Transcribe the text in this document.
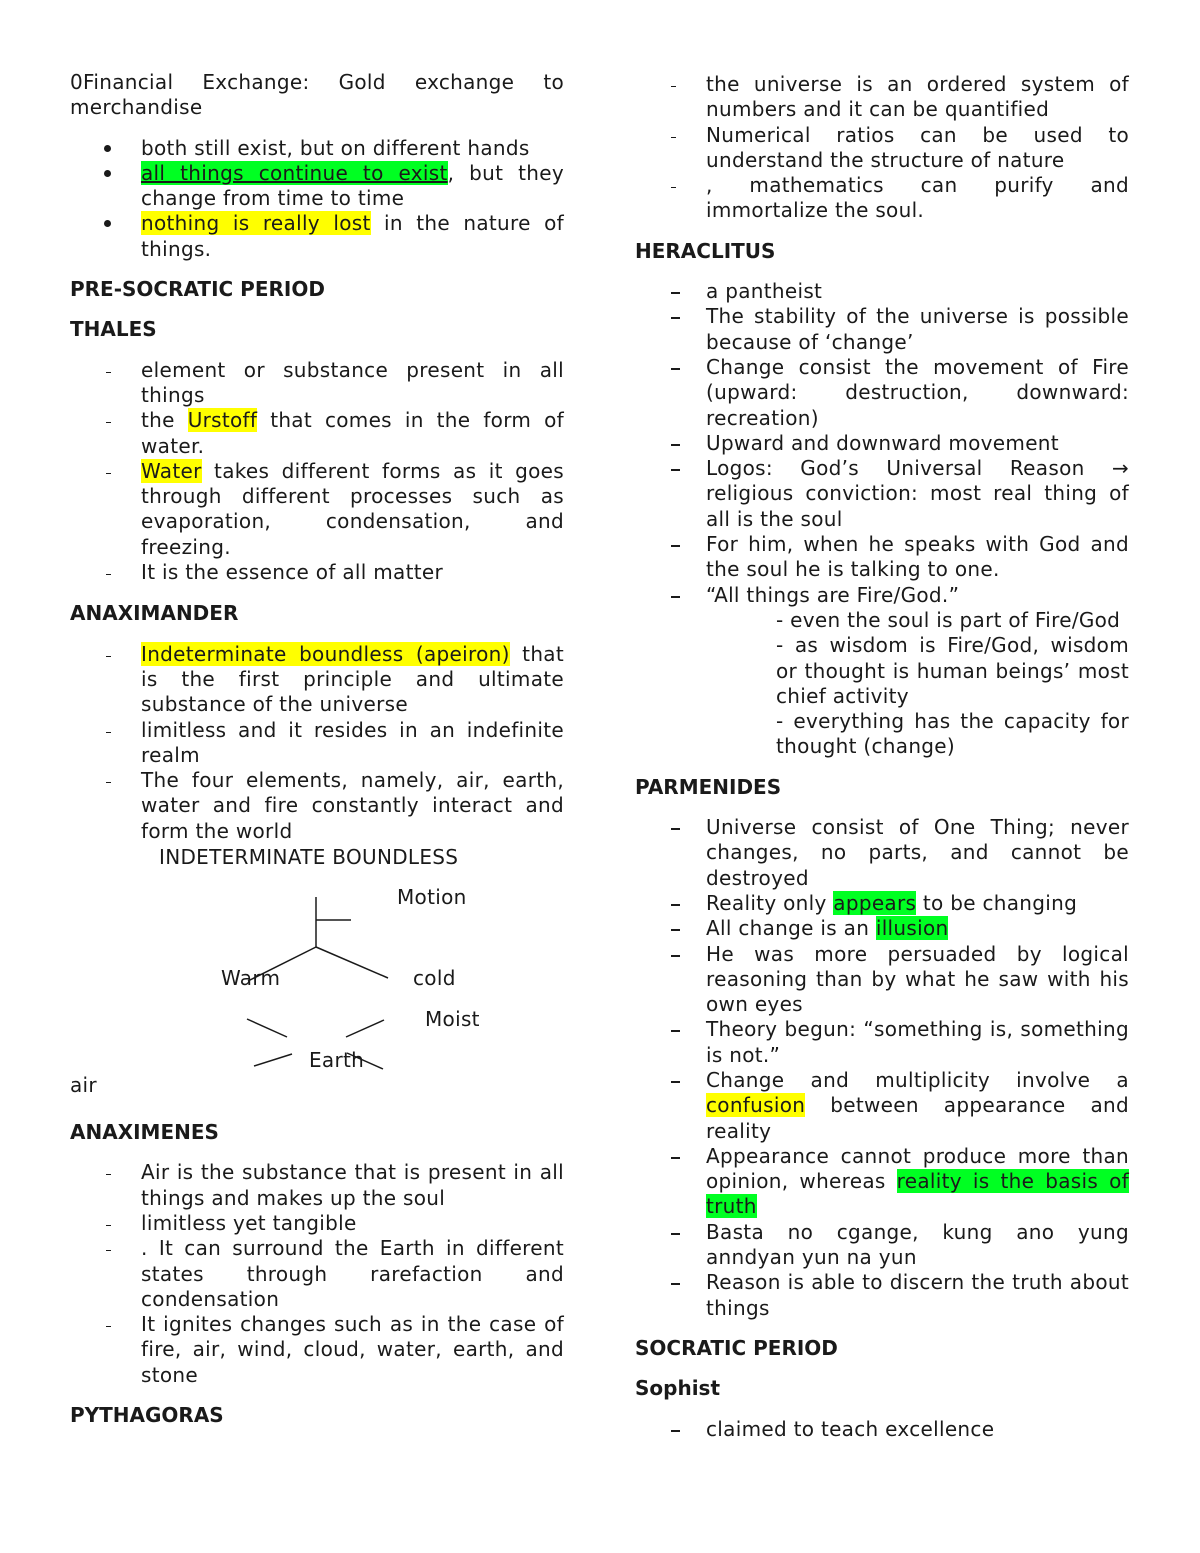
0Financial Exchange: Gold exchange to merchandise

both still exist, but on different hands
all things continue to exist, but they change from time to time
nothing is really lost in the nature of things.

PRE-SOCRATIC PERIOD

THALES

element or substance present in all things
the Urstoff that comes in the form of water.
Water takes different forms as it goes through different processes such as evaporation, condensation, and freezing.
It is the essence of all matter

ANAXIMANDER

Indeterminate boundless (apeiron) that is the first principle and ultimate substance of the universe
limitless and it resides in an indefinite realm
The four elements, namely, air, earth, water and fire constantly interact and form the world
INDETERMINATE BOUNDLESS
Motion
Warm	cold
Moist
Earth
air

ANAXIMENES

Air is the substance that is present in all things and makes up the soul
limitless yet tangible
. It can surround the Earth in different states through rarefaction and condensation
It ignites changes such as in the case of fire, air, wind, cloud, water, earth, and stone

PYTHAGORAS

the universe is an ordered system of numbers and it can be quantified
Numerical ratios can be used to understand the structure of nature
, mathematics can purify and immortalize the soul.

HERACLITUS

a pantheist
The stability of the universe is possible because of ‘change’
Change consist the movement of Fire (upward: destruction, downward: recreation)
Upward and downward movement
Logos: God’s Universal Reason → religious conviction: most real thing of all is the soul
For him, when he speaks with God and the soul he is talking to one.
“All things are Fire/God.”

- even the soul is part of Fire/God

- as wisdom is Fire/God, wisdom or thought is human beings’ most chief activity

- everything has the capacity for thought (change)

PARMENIDES

Universe consist of One Thing; never changes, no parts, and cannot be destroyed
Reality only appears to be changing
All change is an illusion
He was more persuaded by logical reasoning than by what he saw with his own eyes
Theory begun: “something is, something is not.”
Change and multiplicity involve a confusion between appearance and reality
Appearance cannot produce more than opinion, whereas reality is the basis of truth
Basta no cgange, kung ano yung anndyan yun na yun
Reason is able to discern the truth about things

SOCRATIC PERIOD

Sophist

claimed to teach excellence
